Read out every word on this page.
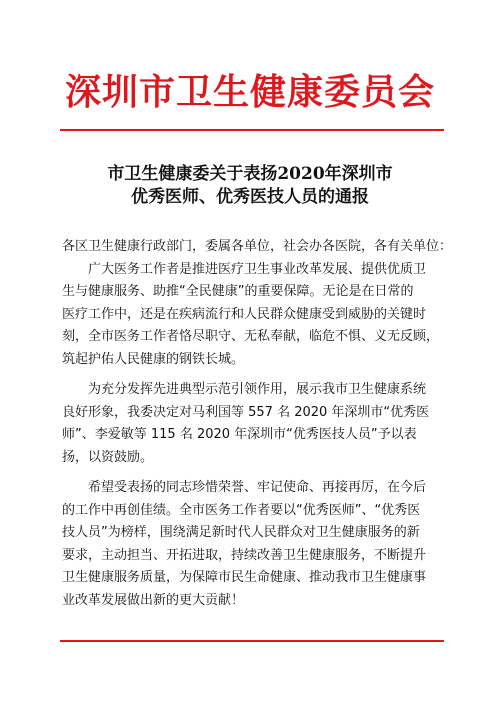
深圳市卫生健康委员会
市卫生健康委关于表扬2020年深圳市
优秀医师、优秀医技人员的通报

各区卫生健康行政部门，委属各单位，社会办各医院，各有关单位：

　　广大医务工作者是推进医疗卫生事业改革发展、提供优质卫

生与健康服务、助推“全民健康”的重要保障。无论是在日常的

医疗工作中，还是在疾病流行和人民群众健康受到威胁的关键时

刻，全市医务工作者恪尽职守、无私奉献，临危不惧、义无反顾，

筑起护佑人民健康的钢铁长城。

　　为充分发挥先进典型示范引领作用，展示我市卫生健康系统

良好形象，我委决定对马利国等 557 名 2020 年深圳市“优秀医

师”、李爱敏等 115 名 2020 年深圳市“优秀医技人员”予以表

扬，以资鼓励。

　　希望受表扬的同志珍惜荣誉、牢记使命、再接再厉，在今后

的工作中再创佳绩。全市医务工作者要以“优秀医师”、“优秀医

技人员”为榜样，围绕满足新时代人民群众对卫生健康服务的新

要求，主动担当、开拓进取，持续改善卫生健康服务，不断提升

卫生健康服务质量，为保障市民生命健康、推动我市卫生健康事

业改革发展做出新的更大贡献！
